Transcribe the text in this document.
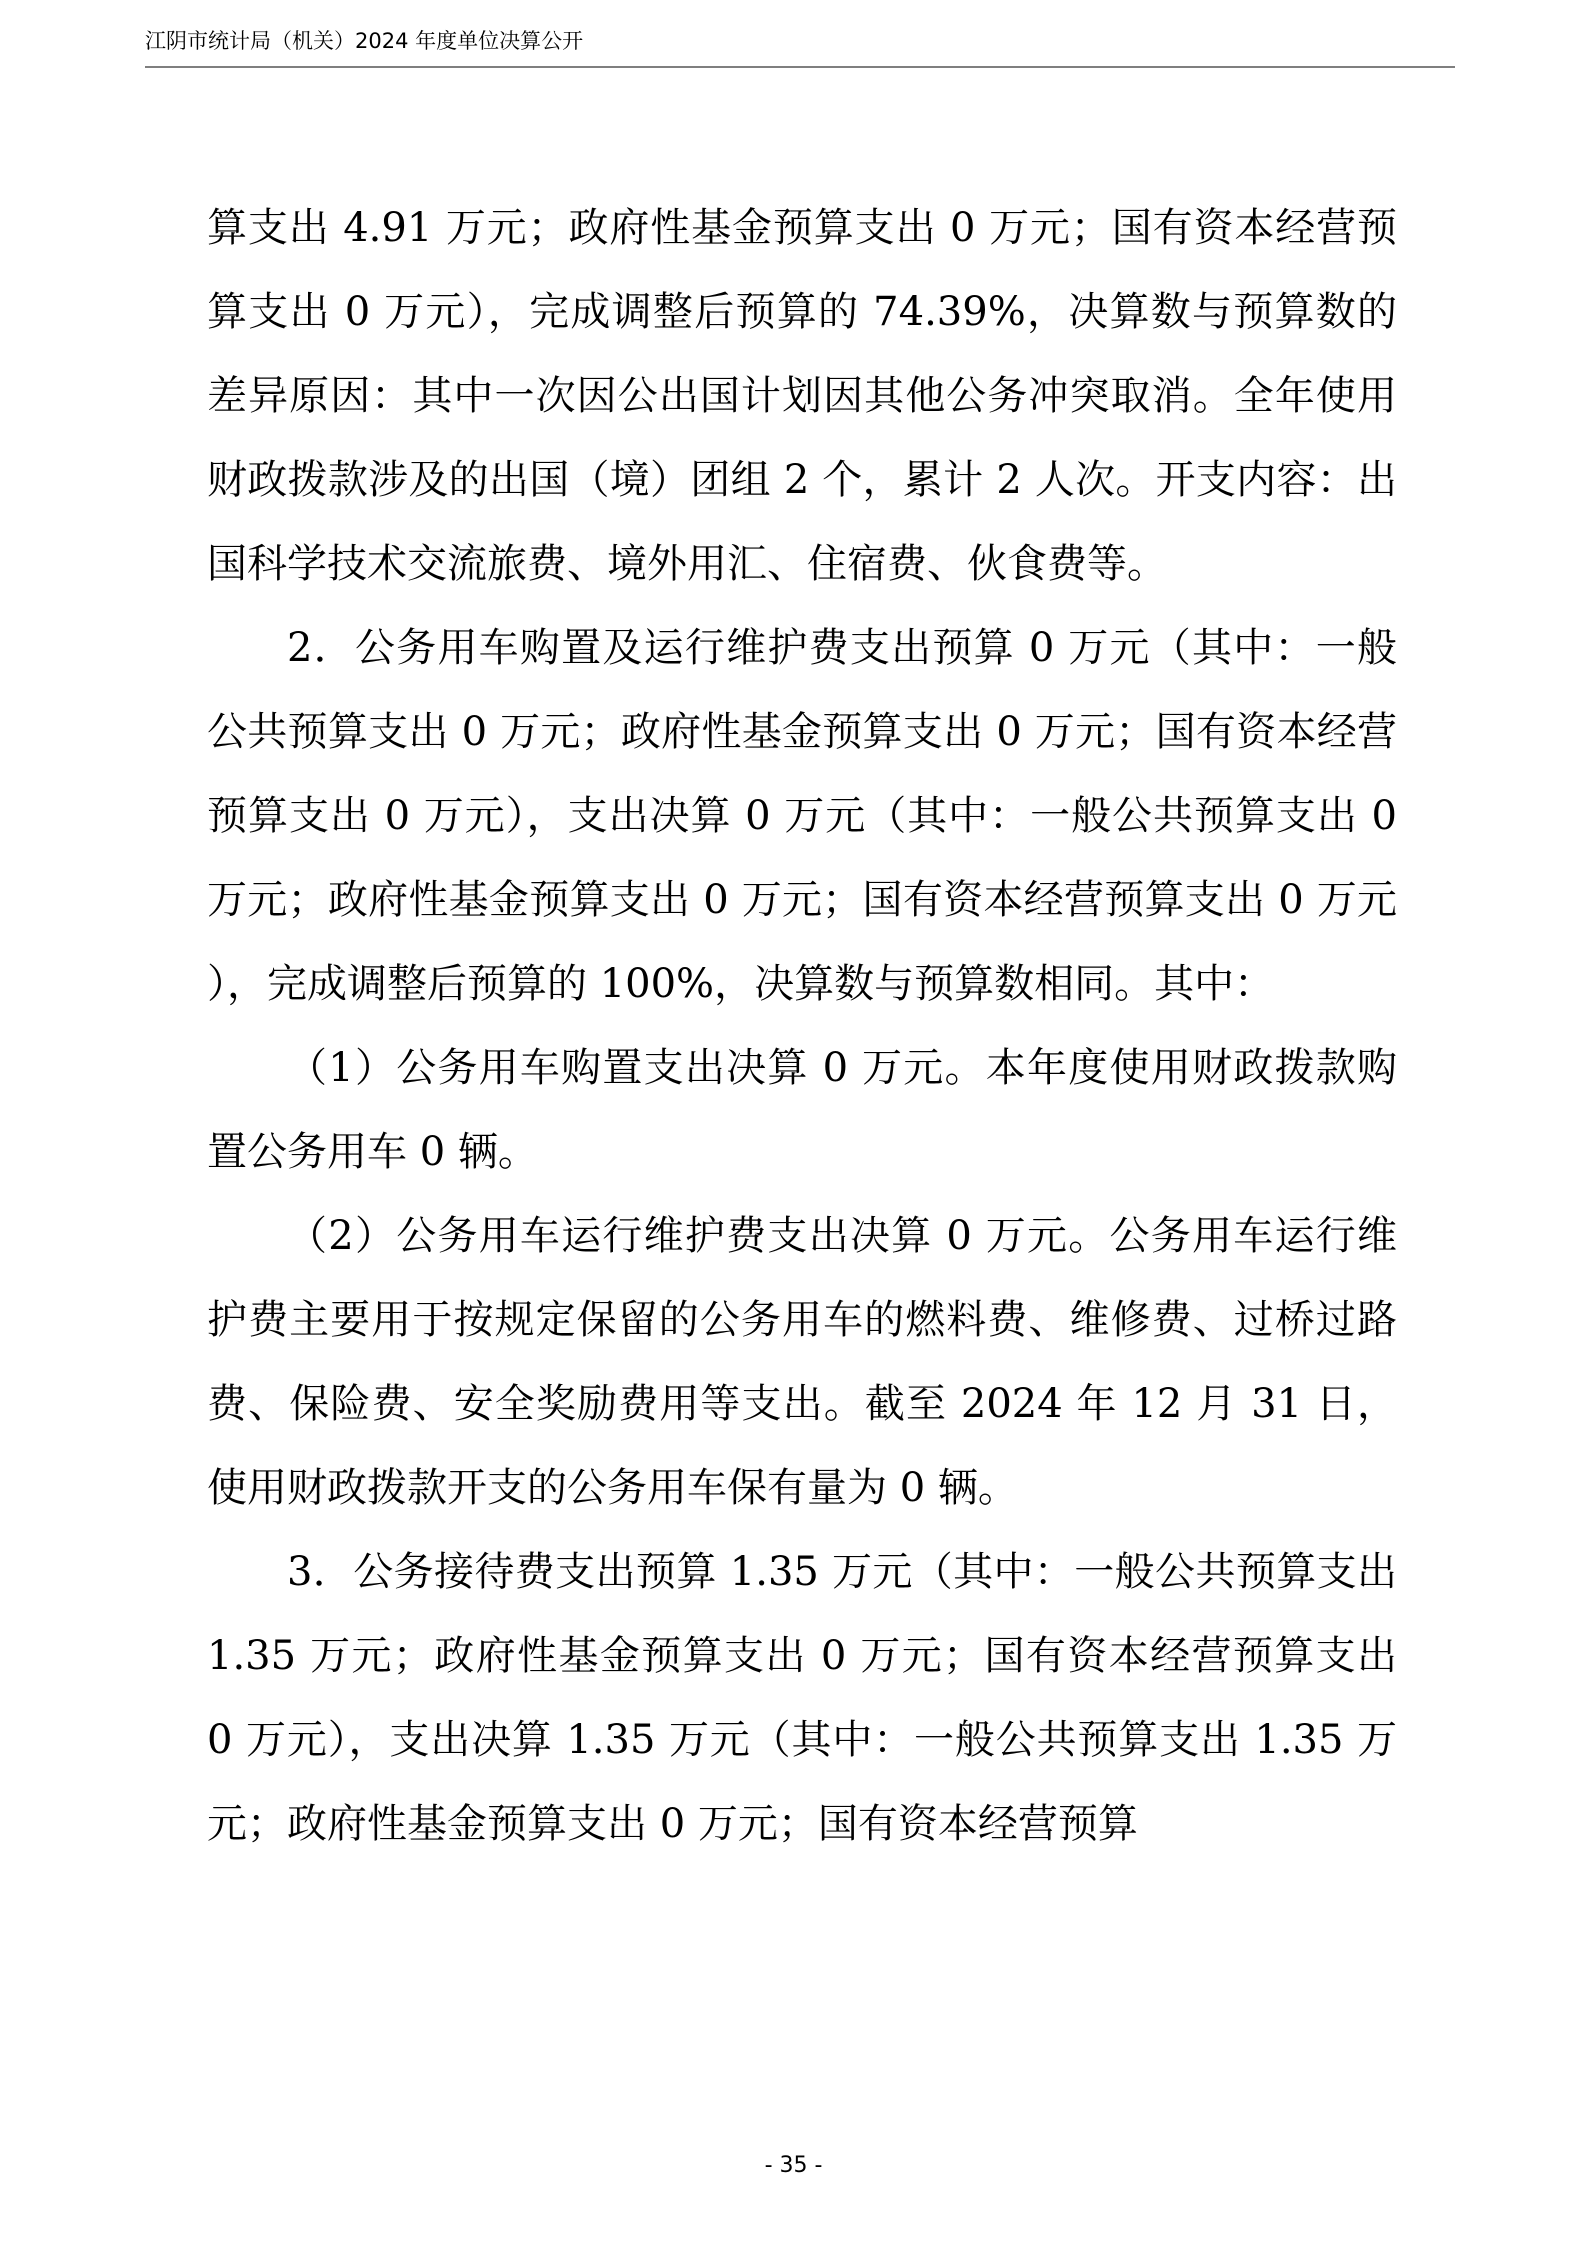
江阴市统计局（机关）2024 年度单位决算公开

算支出 4.91 万元；政府性基金预算支出 0 万元；国有资本经营预算支出 0 万元），完成调整后预算的 74.39%，决算数与预算数的差异原因：其中一次因公出国计划因其他公务冲突取消。全年使用财政拨款涉及的出国（境）团组 2 个，累计 2 人次。开支内容：出国科学技术交流旅费、境外用汇、住宿费、伙食费等。

2．公务用车购置及运行维护费支出预算 0 万元（其中：一般公共预算支出 0 万元；政府性基金预算支出 0 万元；国有资本经营预算支出 0 万元），支出决算 0 万元（其中：一般公共预算支出 0 万元；政府性基金预算支出 0 万元；国有资本经营预算支出 0 万元），完成调整后预算的 100%，决算数与预算数相同。其中：

（1）公务用车购置支出决算 0 万元。本年度使用财政拨款购置公务用车 0 辆。

（2）公务用车运行维护费支出决算 0 万元。公务用车运行维护费主要用于按规定保留的公务用车的燃料费、维修费、过桥过路费、保险费、安全奖励费用等支出。截至 2024 年 12 月 31 日，使用财政拨款开支的公务用车保有量为 0 辆。

3．公务接待费支出预算 1.35 万元（其中：一般公共预算支出 1.35 万元；政府性基金预算支出 0 万元；国有资本经营预算支出 0 万元），支出决算 1.35 万元（其中：一般公共预算支出 1.35 万元；政府性基金预算支出 0 万元；国有资本经营预算

- 35 -
